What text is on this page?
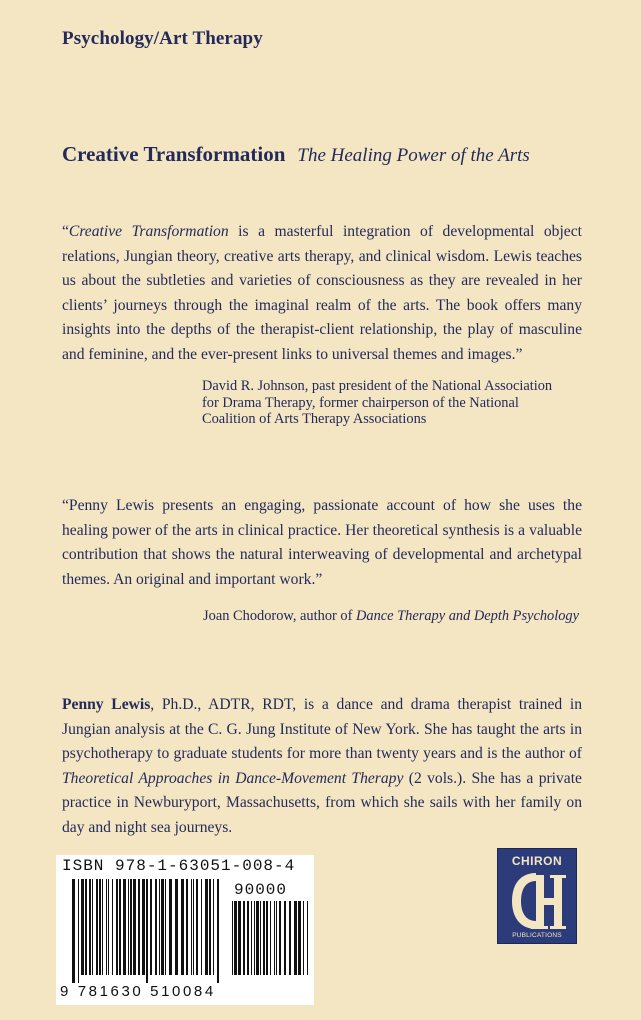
Psychology/Art Therapy
Creative Transformation The Healing Power of the Arts
“Creative Transformation is a masterful integration of developmental object relations, Jungian theory, creative arts therapy, and clinical wisdom. Lewis teaches us about the subtleties and varieties of consciousness as they are revealed in her clients’ journeys through the imaginal realm of the arts. The book offers many insights into the depths of the therapist-client relationship, the play of masculine and feminine, and the ever-present links to universal themes and images.”
David R. Johnson, past president of the National Association for Drama Therapy, former chairperson of the National Coalition of Arts Therapy Associations
“Penny Lewis presents an engaging, passionate account of how she uses the healing power of the arts in clinical practice. Her theoretical synthesis is a valuable contribution that shows the natural interweaving of developmental and archetypal themes. An original and important work.”
Joan Chodorow, author of Dance Therapy and Depth Psychology
Penny Lewis, Ph.D., ADTR, RDT, is a dance and drama therapist trained in Jungian analysis at the C. G. Jung Institute of New York. She has taught the arts in psychotherapy to graduate students for more than twenty years and is the author of Theoretical Approaches in Dance-Movement Therapy (2 vols.). She has a private practice in Newburyport, Massachusetts, from which she sails with her family on day and night sea journeys.
ISBN 978-1-63051-008-4
90000
9 781630 510084
CHIRON
PUBLICATIONS
